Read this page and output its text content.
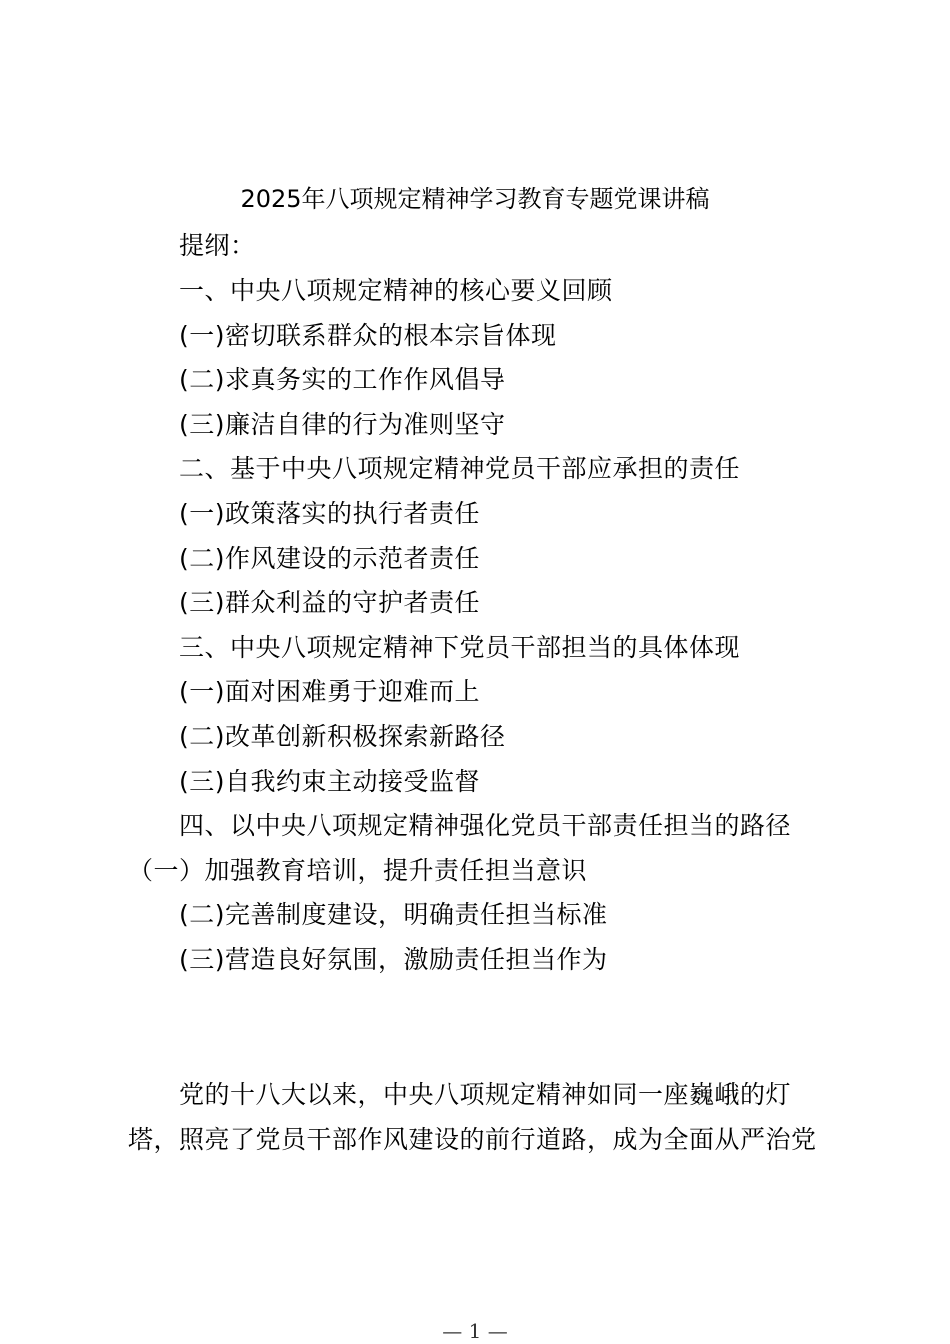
2025年八项规定精神学习教育专题党课讲稿
提纲：
一、中央八项规定精神的核心要义回顾
(一)密切联系群众的根本宗旨体现
(二)求真务实的工作作风倡导
(三)廉洁自律的行为准则坚守
二、基于中央八项规定精神党员干部应承担的责任
(一)政策落实的执行者责任
(二)作风建设的示范者责任
(三)群众利益的守护者责任
三、中央八项规定精神下党员干部担当的具体体现
(一)面对困难勇于迎难而上
(二)改革创新积极探索新路径
(三)自我约束主动接受监督
四、以中央八项规定精神强化党员干部责任担当的路径
（一）加强教育培训，提升责任担当意识
(二)完善制度建设，明确责任担当标准
(三)营造良好氛围，激励责任担当作为
党的十八大以来，中央八项规定精神如同一座巍峨的灯
塔，照亮了党员干部作风建设的前行道路，成为全面从严治党
— 1 —
